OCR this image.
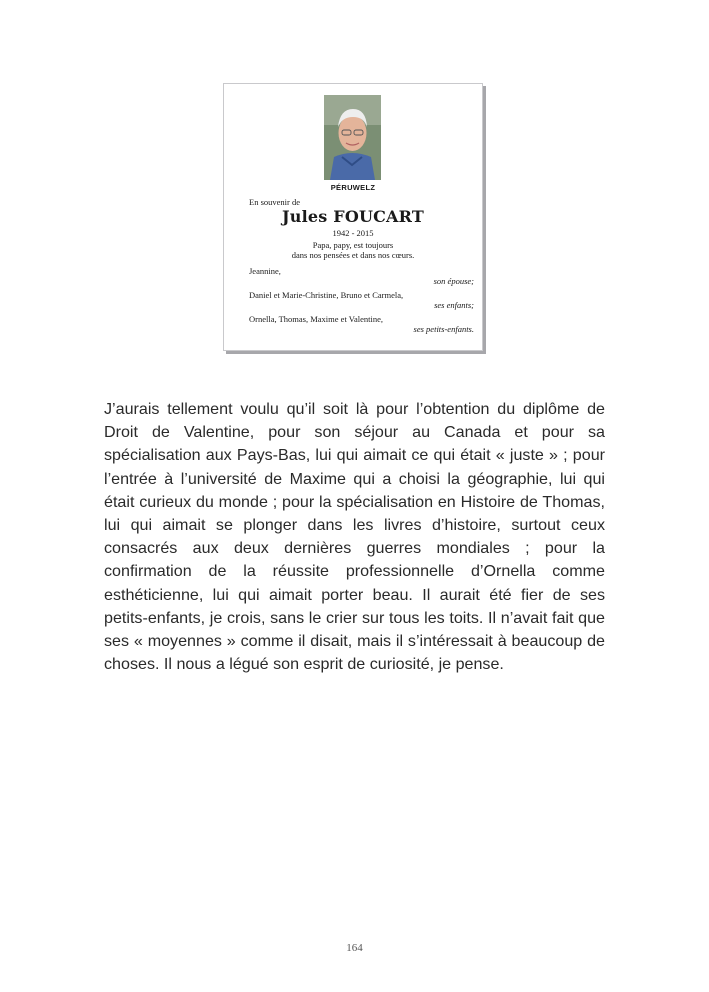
PÉRUWELZ
En souvenir de
Jules FOUCART
1942 - 2015
Papa, papy, est toujours
dans nos pensées et dans nos cœurs.
Jeannine,
son épouse;
Daniel et Marie-Christine, Bruno et Carmela,
ses enfants;
Ornella, Thomas, Maxime et Valentine,
ses petits-enfants.
J’aurais tellement voulu qu’il soit là pour l’obtention du diplôme de
Droit de Valentine, pour son séjour au Canada et pour sa
spécialisation aux Pays-Bas, lui qui aimait ce qui était « juste » ; pour
l’entrée à l’université de Maxime qui a choisi la géographie, lui qui
était curieux du monde ; pour la spécialisation en Histoire de Thomas,
lui qui aimait se plonger dans les livres d’histoire, surtout ceux
consacrés aux deux dernières guerres mondiales ; pour la
confirmation de la réussite professionnelle d’Ornella comme
esthéticienne, lui qui aimait porter beau. Il aurait été fier de ses
petits-enfants, je crois, sans le crier sur tous les toits. Il n’avait fait que
ses « moyennes » comme il disait, mais il s’intéressait à beaucoup de
choses. Il nous a légué son esprit de curiosité, je pense.
164
